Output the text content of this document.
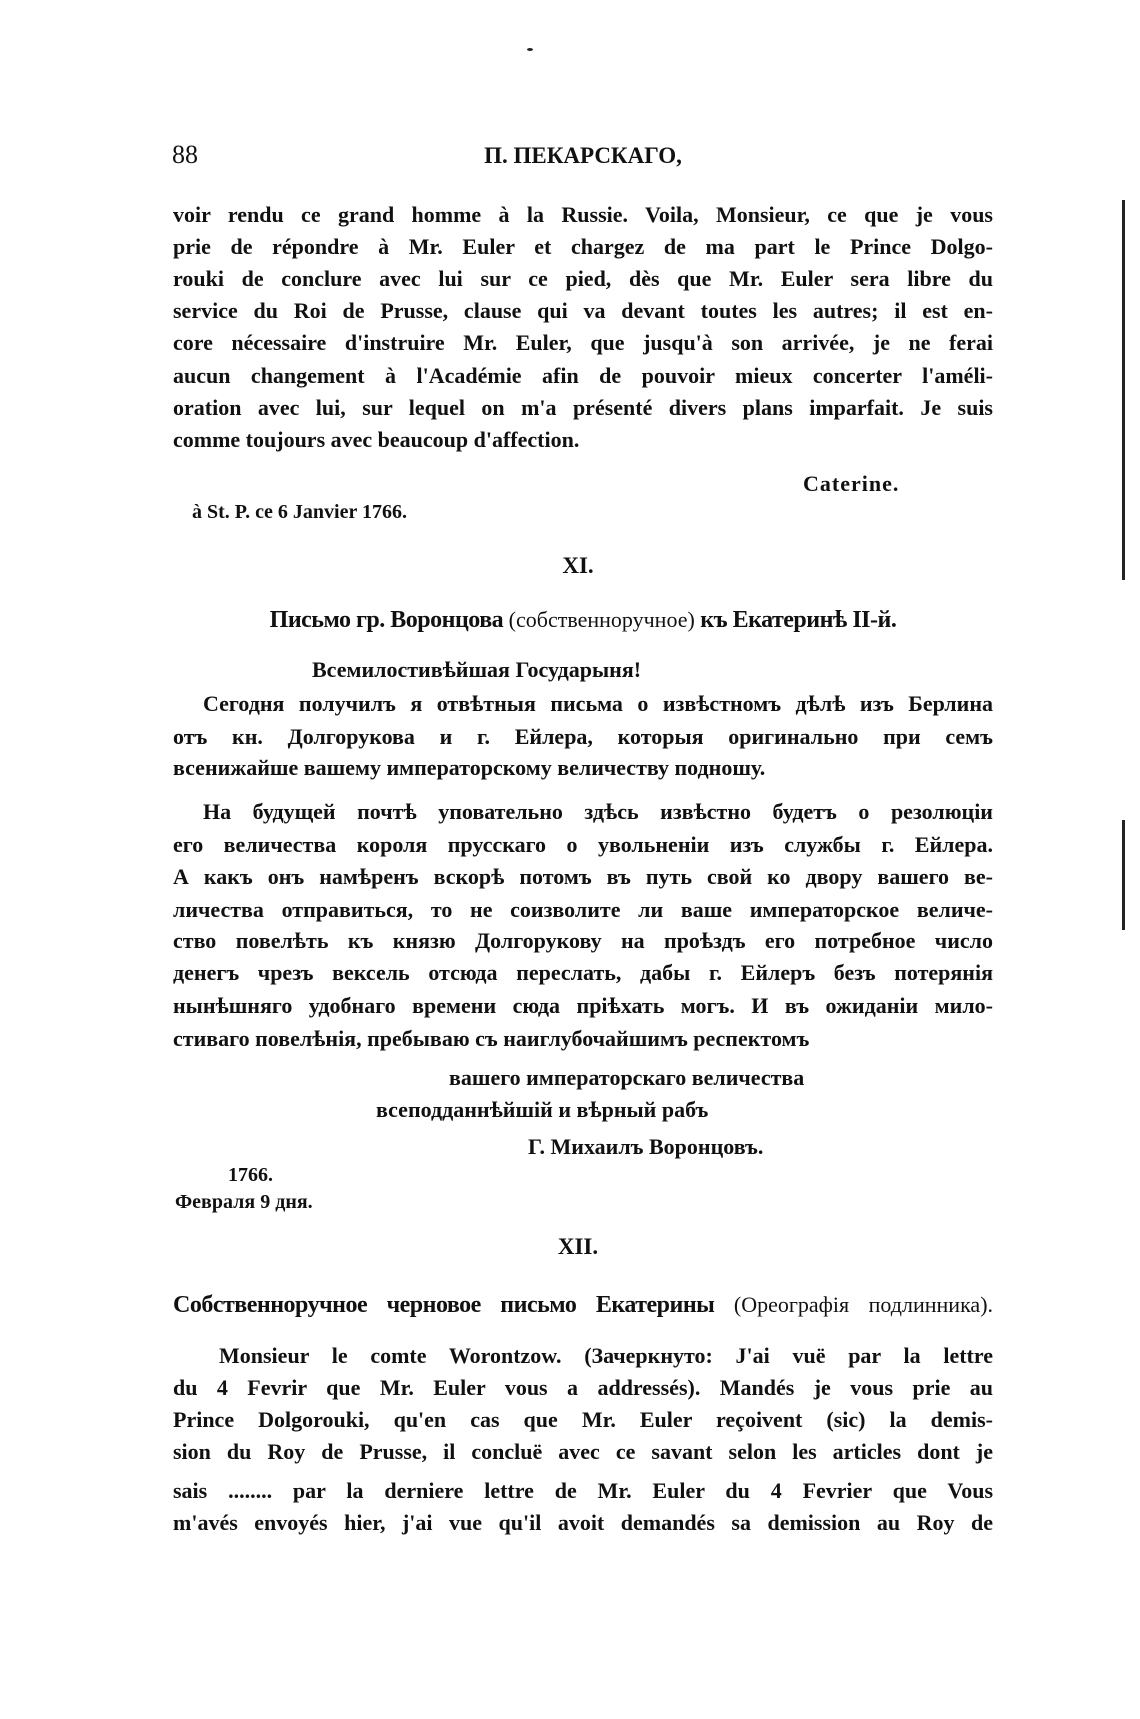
88	П. ПЕКАРСКАГО,
voir rendu ce grand homme à la Russie. Voila, Monsieur, ce que je vous
prie de répondre à Mr. Euler et chargez de ma part le Prince Dolgo-
rouki de conclure avec lui sur ce pied, dès que Mr. Euler sera libre du
service du Roi de Prusse, clause qui va devant toutes les autres; il est en-
core nécessaire d'instruire Mr. Euler, que jusqu'à son arrivée, je ne ferai
aucun changement à l'Académie afin de pouvoir mieux concerter l'améli-
oration avec lui, sur lequel on m'a présenté divers plans imparfait. Je suis
comme toujours avec beaucoup d'affection.
Caterine.
à St. P. ce 6 Janvier 1766.
XI.
Письмо гр. Воронцова (собственноручное) къ Екатеринѣ II-й.
Всемилостивѣйшая Государыня!
Сегодня получилъ я отвѣтныя письма о извѣстномъ дѣлѣ изъ Берлина
отъ кн. Долгорукова и г. Ейлера, которыя оригинально при семъ
всенижайше вашему императорскому величеству подношу.
На будущей почтѣ уповательно здѣсь извѣстно будетъ о резолюціи
его величества короля прусскаго о увольненіи изъ службы г. Ейлера.
А какъ онъ намѣренъ вскорѣ потомъ въ путь свой ко двору вашего ве-
личества отправиться, то не соизволите ли ваше императорское величе-
ство повелѣть къ князю Долгорукову на проѣздъ его потребное число
денегъ чрезъ вексель отсюда переслать, дабы г. Ейлеръ безъ потерянія
нынѣшняго удобнаго времени сюда пріѣхать могъ. И въ ожиданіи мило-
стиваго повелѣнія, пребываю съ наиглубочайшимъ респектомъ
вашего императорскаго величества
всеподданнѣйшій и вѣрный рабъ
Г. Михаилъ Воронцовъ.
1766.
Февраля 9 дня.
XII.
Собственноручное черновое письмо Екатерины (Ореографія подлинника).
Monsieur le comte Worontzow. (Зачеркнуто: J'ai vuë par la lettre
du 4 Fevrir que Mr. Euler vous a addressés). Mandés je vous prie au
Prince Dolgorouki, qu'en cas que Mr. Euler reçoivent (sic) la demis-
sion du Roy de Prusse, il concluë avec ce savant selon les articles dont je
sais ........ par la derniere lettre de Mr. Euler du 4 Fevrier que Vous
m'avés envoyés hier, j'ai vue qu'il avoit demandés sa demission au Roy de
